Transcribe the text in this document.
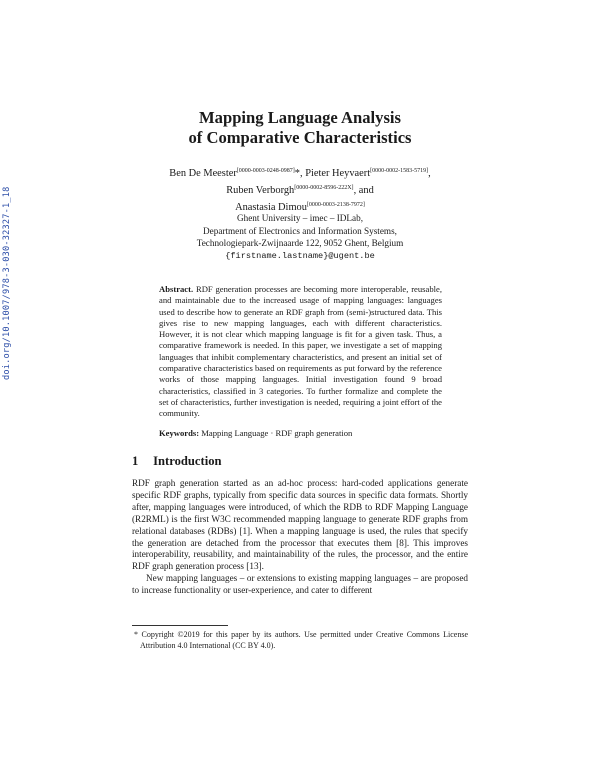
doi.org/10.1007/978-3-030-32327-1_18
Mapping Language Analysis
of Comparative Characteristics
Ben De Meester[0000-0003-0248-0987]*, Pieter Heyvaert[0000-0002-1583-5719],
Ruben Verborgh[0000-0002-8596-222X], and
Anastasia Dimou[0000-0003-2138-7972]
Ghent University – imec – IDLab,
Department of Electronics and Information Systems,
Technologiepark-Zwijnaarde 122, 9052 Ghent, Belgium
{firstname.lastname}@ugent.be
Abstract. RDF generation processes are becoming more interoperable, reusable, and maintainable due to the increased usage of mapping languages: languages used to describe how to generate an RDF graph from (semi-)structured data. This gives rise to new mapping languages, each with different characteristics. However, it is not clear which mapping language is fit for a given task. Thus, a comparative framework is needed. In this paper, we investigate a set of mapping languages that inhibit complementary characteristics, and present an initial set of comparative characteristics based on requirements as put forward by the reference works of those mapping languages. Initial investigation found 9 broad characteristics, classified in 3 categories. To further formalize and complete the set of characteristics, further investigation is needed, requiring a joint effort of the community.
Keywords: Mapping Language · RDF graph generation
1 Introduction

RDF graph generation started as an ad-hoc process: hard-coded applications generate specific RDF graphs, typically from specific data sources in specific data formats. Shortly after, mapping languages were introduced, of which the RDB to RDF Mapping Language (R2RML) is the first W3C recommended mapping language to generate RDF graphs from relational databases (RDBs) [1]. When a mapping language is used, the rules that specify the generation are detached from the processor that executes them [8]. This improves interoperability, reusability, and maintainability of the rules, the processor, and the entire RDF graph generation process [13].

New mapping languages – or extensions to existing mapping languages – are proposed to increase functionality or user-experience, and cater to different

* Copyright ©2019 for this paper by its authors. Use permitted under Creative Commons License Attribution 4.0 International (CC BY 4.0).
